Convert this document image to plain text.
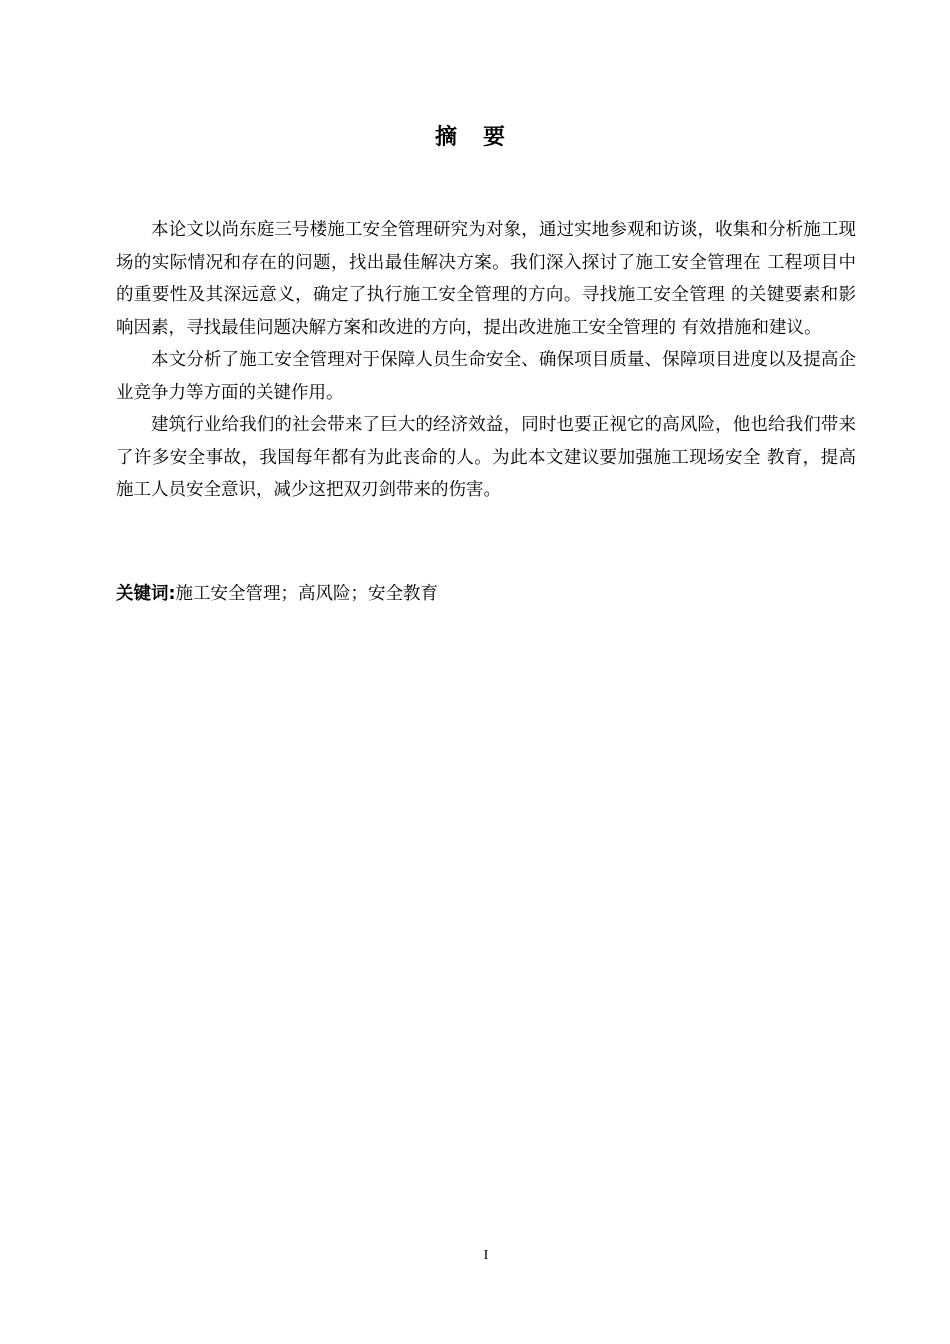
摘要

本论文以尚东庭三号楼施工安全管理研究为对象，通过实地参观和访谈，收集和分析施工现场的实际情况和存在的问题，找出最佳解决方案。我们深入探讨了施工安全管理在 工程项目中的重要性及其深远意义，确定了执行施工安全管理的方向。寻找施工安全管理 的关键要素和影响因素，寻找最佳问题决解方案和改进的方向，提出改进施工安全管理的 有效措施和建议。

本文分析了施工安全管理对于保障人员生命安全、确保项目质量、保障项目进度以及提高企业竞争力等方面的关键作用。

建筑行业给我们的社会带来了巨大的经济效益，同时也要正视它的高风险，他也给我们带来了许多安全事故，我国每年都有为此丧命的人。为此本文建议要加强施工现场安全 教育，提高施工人员安全意识，减少这把双刃剑带来的伤害。

关键词:施工安全管理；高风险；安全教育
I
